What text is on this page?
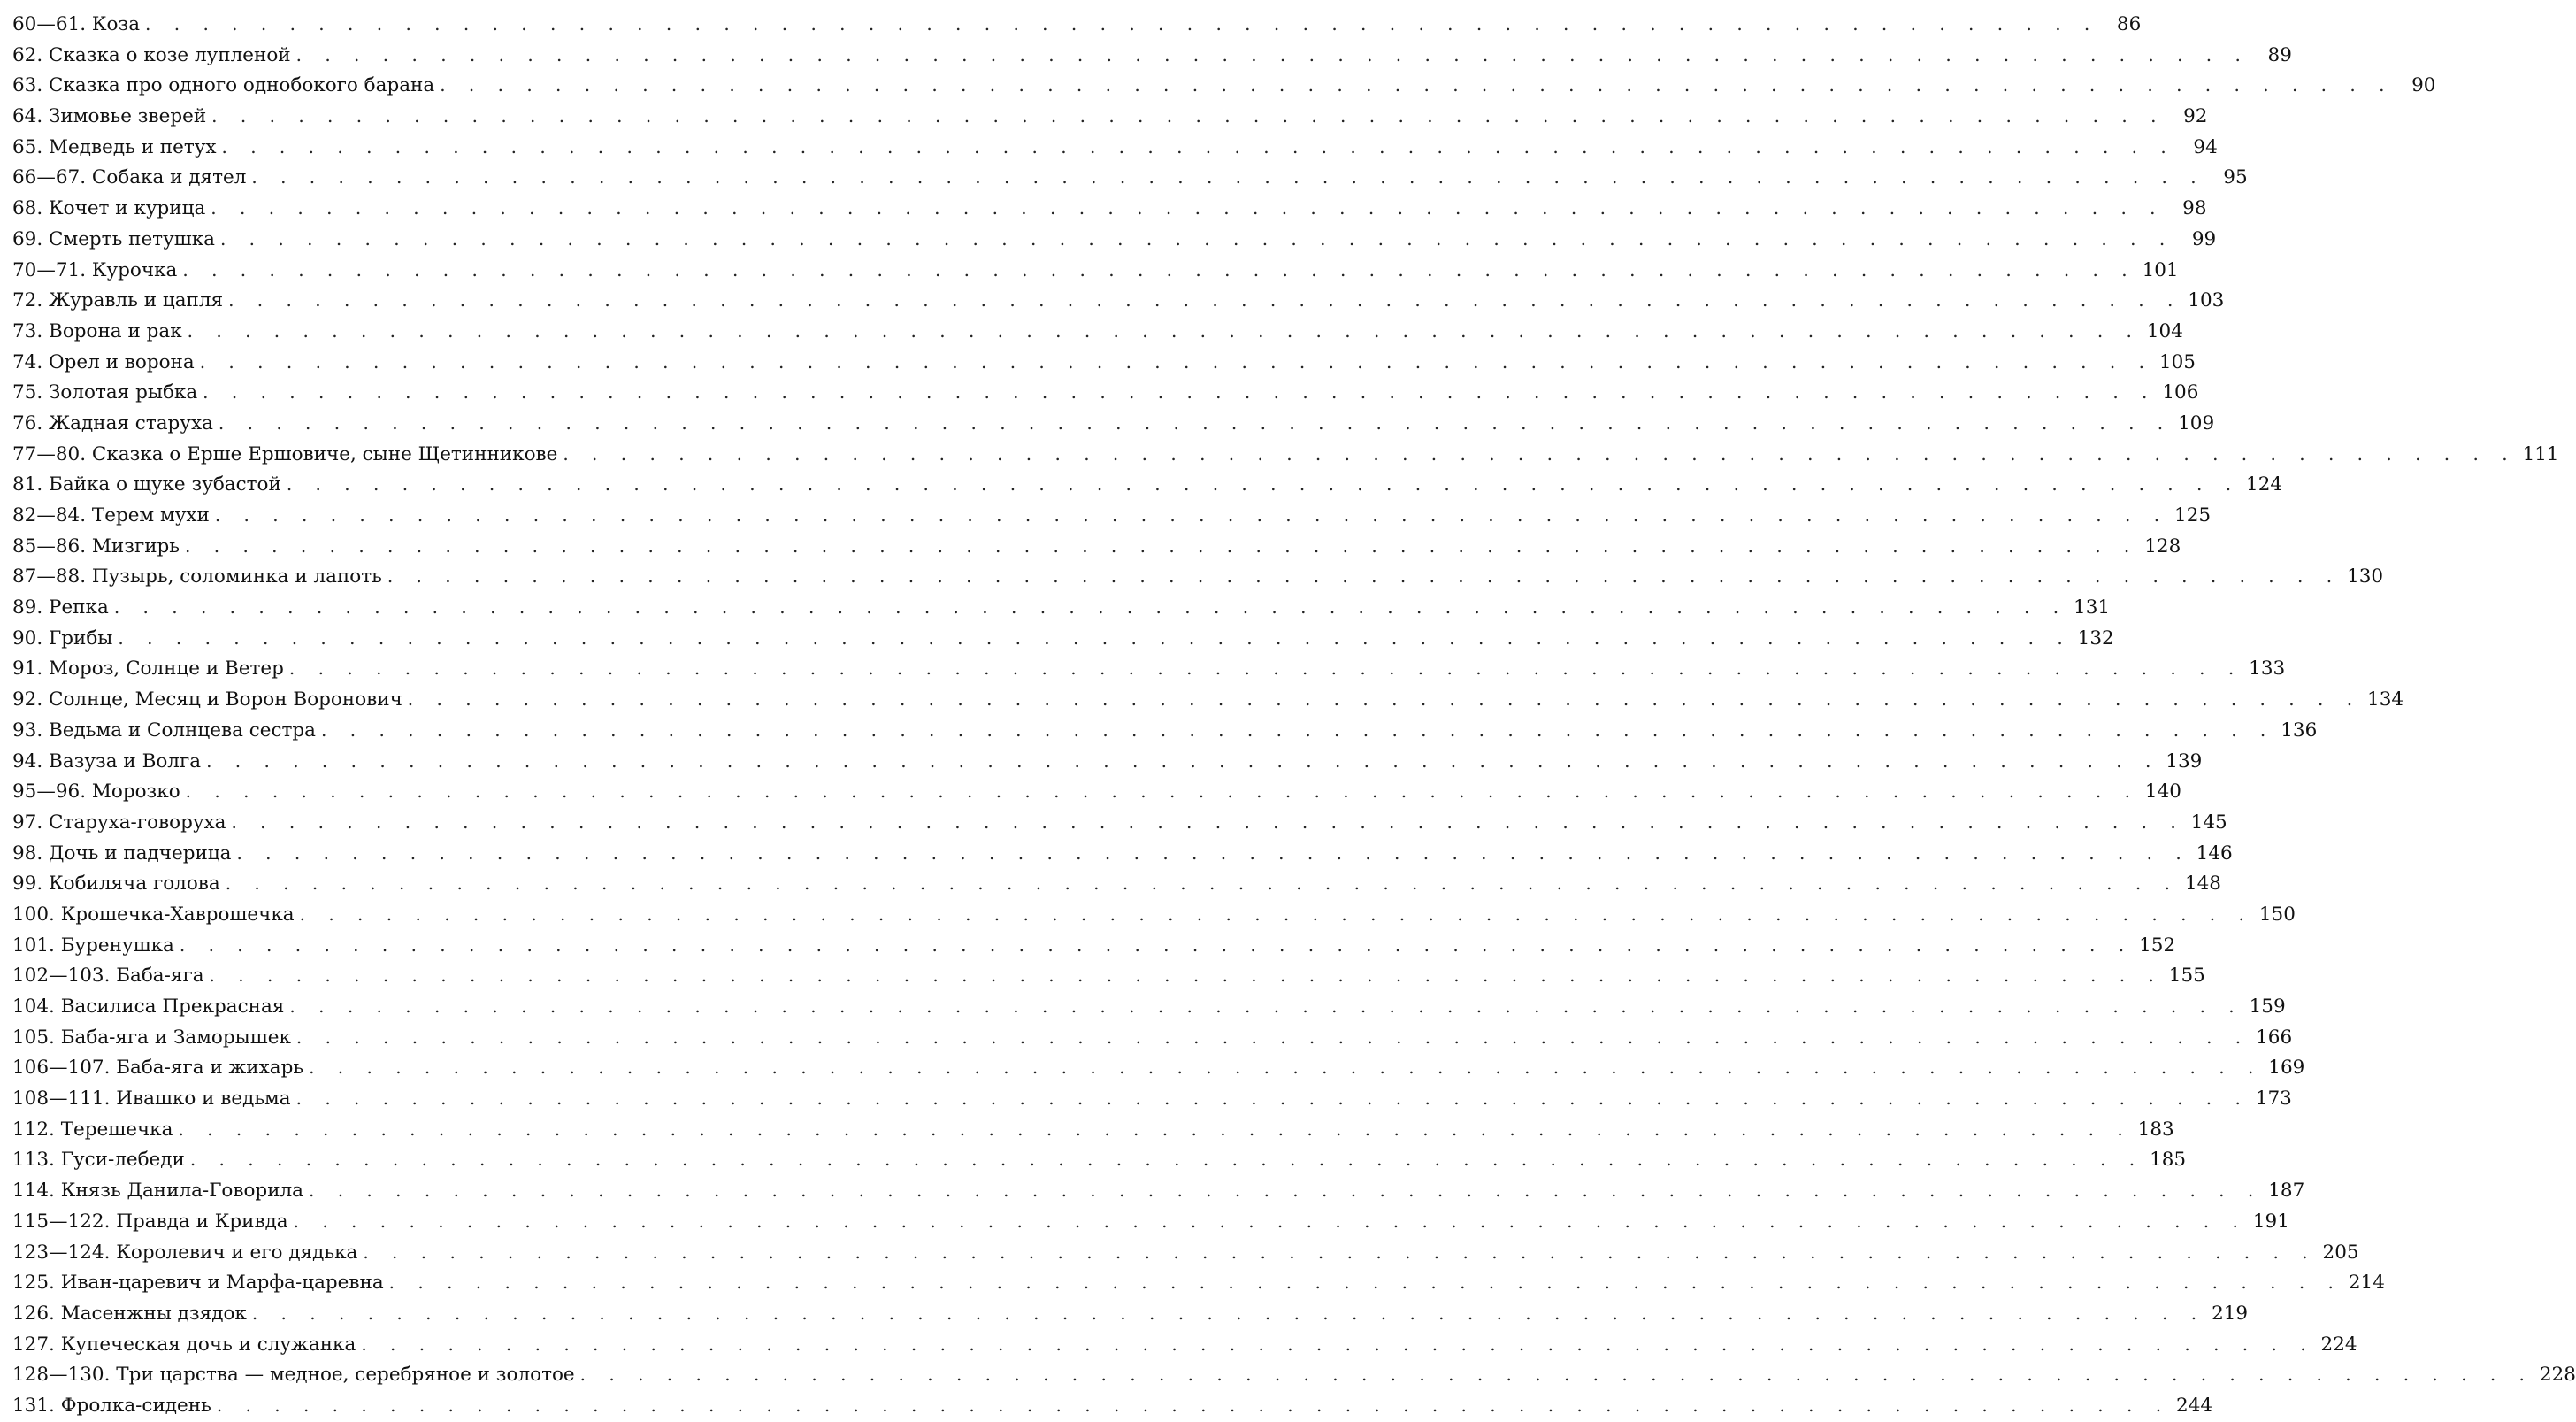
60—61. Коза . . .	86
62. Сказка о козе лупленой . . .	89
63. Сказка про одного однобокого барана . . .	90
64. Зимовье зверей . . .	92
65. Медведь и петух . . .	94
66—67. Собака и дятел . . .	95
68. Кочет и курица . . .	98
69. Смерть петушка . . .	99
70—71. Курочка . . .	101
72. Журавль и цапля . . .	103
73. Ворона и рак . . .	104
74. Орел и ворона . . .	105
75. Золотая рыбка . . .	106
76. Жадная старуха . . .	109
77—80. Сказка о Ерше Ершовиче, сыне Щетинникове . . .	111
81. Байка о щуке зубастой . . .	124
82—84. Терем мухи . . .	125
85—86. Мизгирь . . .	128
87—88. Пузырь, соломинка и лапоть . . .	130
89. Репка . . .	131
90. Грибы . . .	132
91. Мороз, Солнце и Ветер . . .	133
92. Солнце, Месяц и Ворон Воронович . . .	134
93. Ведьма и Солнцева сестра . . .	136
94. Вазуза и Волга . . .	139
95—96. Морозко . . .	140
97. Старуха-говоруха . . .	145
98. Дочь и падчерица . . .	146
99. Кобиляча голова . . .	148
100. Крошечка-Хаврошечка . . .	150
101. Буренушка . . .	152
102—103. Баба-яга . . .	155
104. Василиса Прекрасная . . .	159
105. Баба-яга и Заморышек . . .	166
106—107. Баба-яга и жихарь . . .	169
108—111. Ивашко и ведьма . . .	173
112. Терешечка . . .	183
113. Гуси-лебеди . . .	185
114. Князь Данила-Говорила . . .	187
115—122. Правда и Кривда . . .	191
123—124. Королевич и его дядька . . .	205
125. Иван-царевич и Марфа-царевна . . .	214
126. Масенжны дзядок . . .	219
127. Купеческая дочь и служанка . . .	224
128—130. Три царства — медное, серебряное и золотое . . .	228
131. Фролка-сидень . . .	244
